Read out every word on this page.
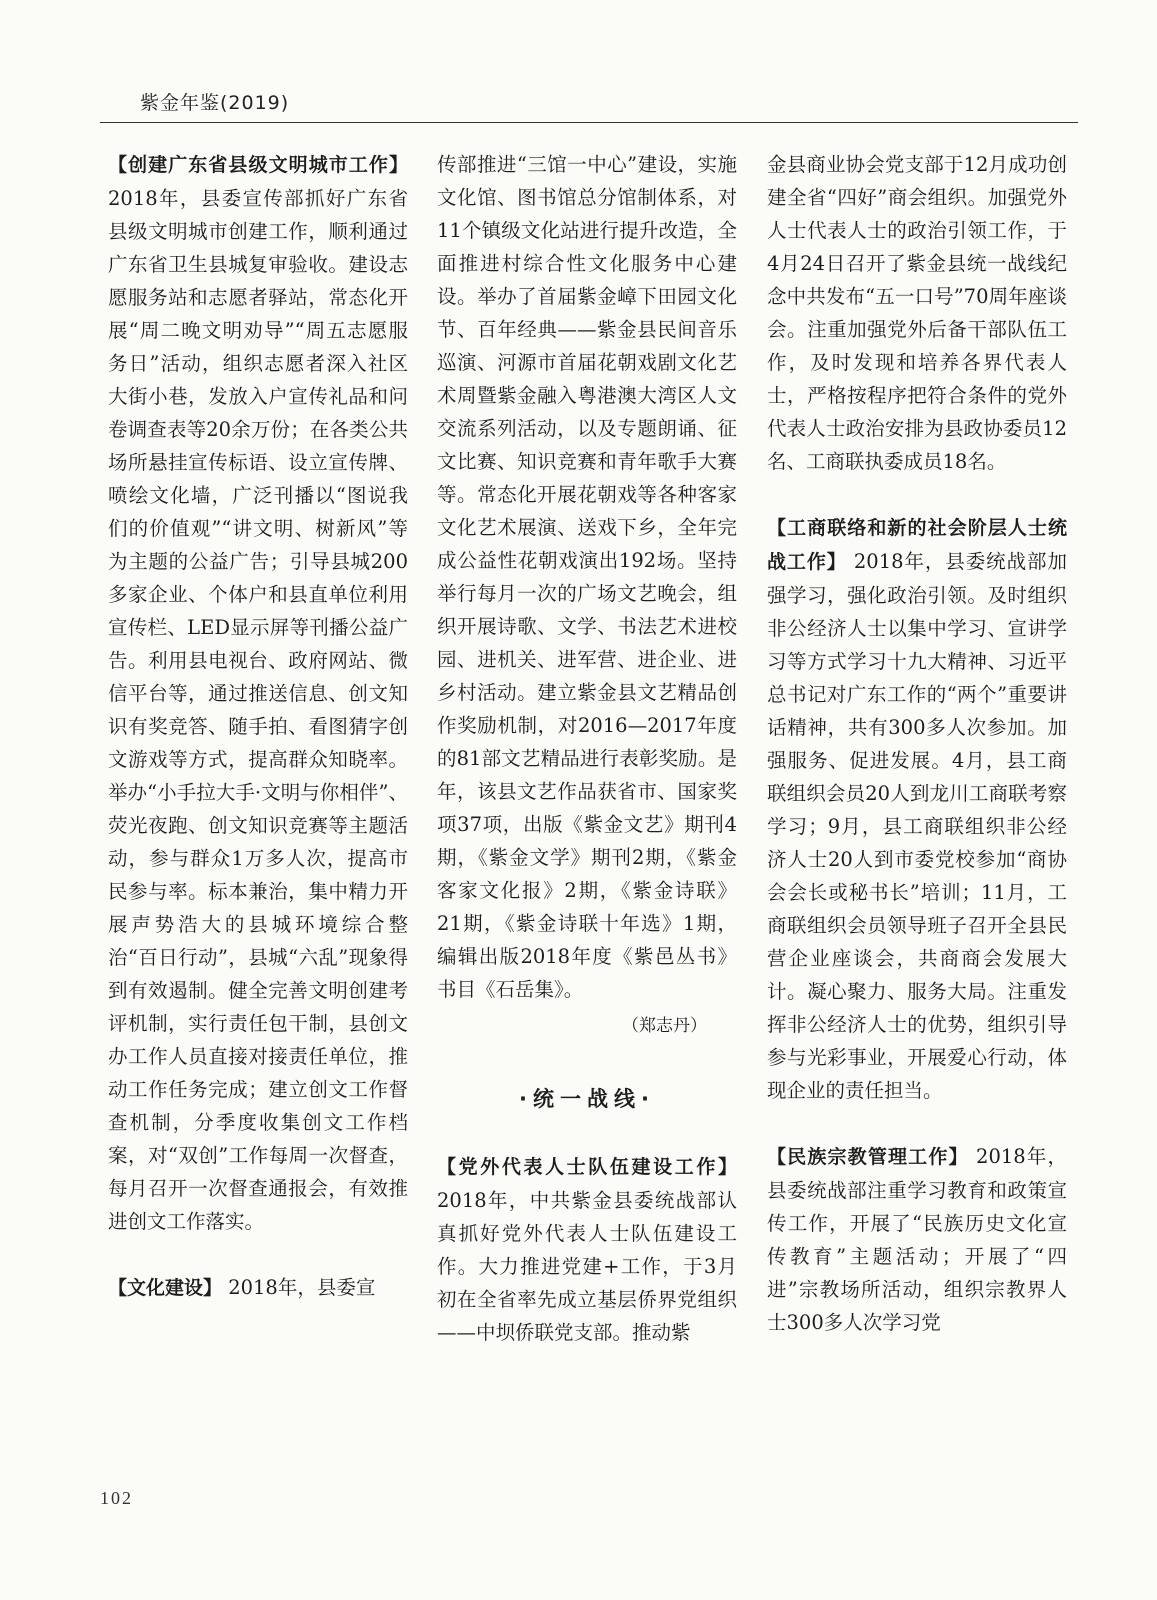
紫金年鉴(2019)

【创建广东省县级文明城市工作】 2018年，县委宣传部抓好广东省县级文明城市创建工作，顺利通过广东省卫生县城复审验收。建设志愿服务站和志愿者驿站，常态化开展“周二晚文明劝导”“周五志愿服务日”活动，组织志愿者深入社区大街小巷，发放入户宣传礼品和问卷调查表等20余万份；在各类公共场所悬挂宣传标语、设立宣传牌、喷绘文化墙，广泛刊播以“图说我们的价值观”“讲文明、树新风”等为主题的公益广告；引导县城200多家企业、个体户和县直单位利用宣传栏、LED显示屏等刊播公益广告。利用县电视台、政府网站、微信平台等，通过推送信息、创文知识有奖竞答、随手拍、看图猜字创文游戏等方式，提高群众知晓率。举办“小手拉大手·文明与你相伴”、荧光夜跑、创文知识竞赛等主题活动，参与群众1万多人次，提高市民参与率。标本兼治，集中精力开展声势浩大的县城环境综合整治“百日行动”，县城“六乱”现象得到有效遏制。健全完善文明创建考评机制，实行责任包干制，县创文办工作人员直接对接责任单位，推动工作任务完成；建立创文工作督查机制，分季度收集创文工作档案，对“双创”工作每周一次督查，每月召开一次督查通报会，有效推进创文工作落实。

【文化建设】 2018年，县委宣

传部推进“三馆一中心”建设，实施文化馆、图书馆总分馆制体系，对11个镇级文化站进行提升改造，全面推进村综合性文化服务中心建设。举办了首届紫金嶂下田园文化节、百年经典——紫金县民间音乐巡演、河源市首届花朝戏剧文化艺术周暨紫金融入粤港澳大湾区人文交流系列活动，以及专题朗诵、征文比赛、知识竞赛和青年歌手大赛等。常态化开展花朝戏等各种客家文化艺术展演、送戏下乡，全年完成公益性花朝戏演出192场。坚持举行每月一次的广场文艺晚会，组织开展诗歌、文学、书法艺术进校园、进机关、进军营、进企业、进乡村活动。建立紫金县文艺精品创作奖励机制，对2016—2017年度的81部文艺精品进行表彰奖励。是年，该县文艺作品获省市、国家奖项37项，出版《紫金文艺》期刊4期，《紫金文学》期刊2期，《紫金客家文化报》2期，《紫金诗联》21期，《紫金诗联十年选》1期，编辑出版2018年度《紫邑丛书》书目《石岳集》。

（郑志丹）
·统一战线·

【党外代表人士队伍建设工作】2018年，中共紫金县委统战部认真抓好党外代表人士队伍建设工作。大力推进党建+工作，于3月初在全省率先成立基层侨界党组织——中坝侨联党支部。推动紫

金县商业协会党支部于12月成功创建全省“四好”商会组织。加强党外人士代表人士的政治引领工作，于4月24日召开了紫金县统一战线纪念中共发布“五一口号”70周年座谈会。注重加强党外后备干部队伍工作，及时发现和培养各界代表人士，严格按程序把符合条件的党外代表人士政治安排为县政协委员12名、工商联执委成员18名。

【工商联络和新的社会阶层人士统战工作】 2018年，县委统战部加强学习，强化政治引领。及时组织非公经济人士以集中学习、宣讲学习等方式学习十九大精神、习近平总书记对广东工作的“两个”重要讲话精神，共有300多人次参加。加强服务、促进发展。4月，县工商联组织会员20人到龙川工商联考察学习；9月，县工商联组织非公经济人士20人到市委党校参加“商协会会长或秘书长”培训；11月，工商联组织会员领导班子召开全县民营企业座谈会，共商商会发展大计。凝心聚力、服务大局。注重发挥非公经济人士的优势，组织引导参与光彩事业，开展爱心行动，体现企业的责任担当。

【民族宗教管理工作】 2018年，县委统战部注重学习教育和政策宣传工作，开展了“民族历史文化宣传教育”主题活动；开展了“四进”宗教场所活动，组织宗教界人士300多人次学习党

102
